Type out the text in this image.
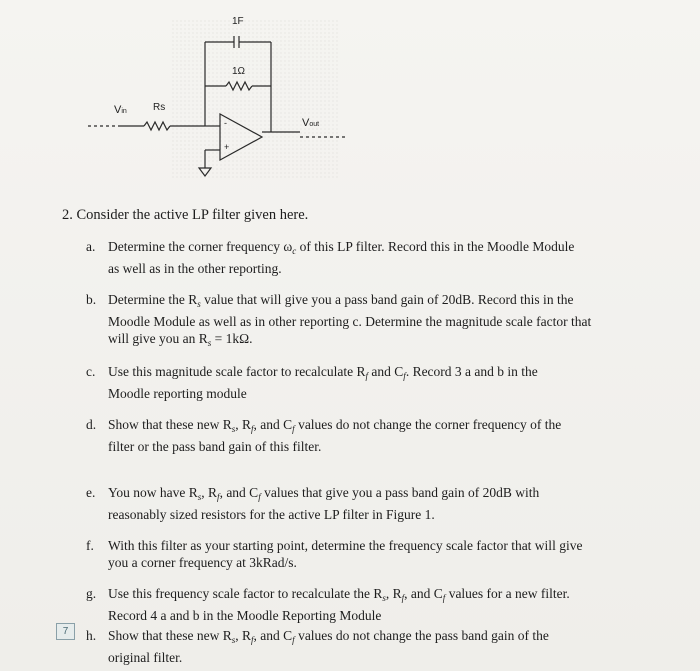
1F
1Ω
Vin	Rs
Vout
-
+
2. Consider the active LP filter given here.
a. Determine the corner frequency $\omega_c$ of this LP filter. Record this in the Moodle Module
as well as in the other reporting.
b. Determine the $R_s$ value that will give you a pass band gain of 20dB. Record this in the
Moodle Module as well as in other reporting c. Determine the magnitude scale factor that
will give you an $R_s = 1k\Omega$.
c. Use this magnitude scale factor to recalculate $R_f$ and $C_f$. Record 3 a and b in the
Moodle reporting module
d. Show that these new $R_s$, $R_f$, and $C_f$ values do not change the corner frequency of the
filter or the pass band gain of this filter.
e. You now have $R_s$, $R_f$, and $C_f$ values that give you a pass band gain of 20dB with
reasonably sized resistors for the active LP filter in Figure 1.
f. With this filter as your starting point, determine the frequency scale factor that will give
you a corner frequency at 3kRad/s.
g. Use this frequency scale factor to recalculate the $R_s$, $R_f$, and $C_f$ values for a new filter.
Record 4 a and b in the Moodle Reporting Module
7	h. Show that these new $R_s$, $R_f$, and $C_f$ values do not change the pass band gain of the
original filter.
